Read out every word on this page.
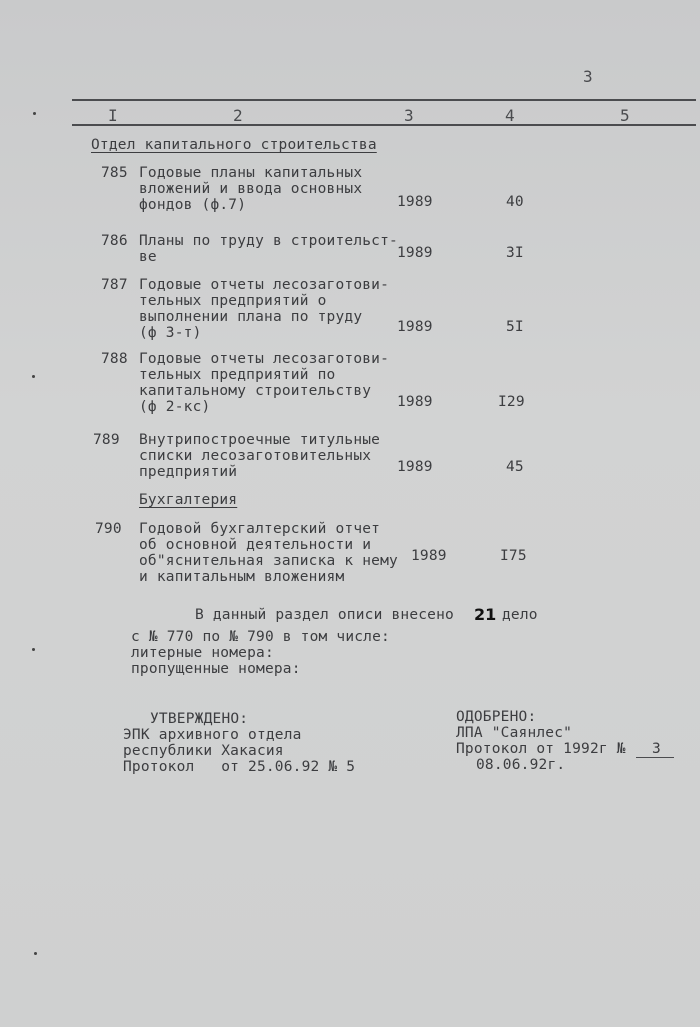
3
I	2	3	4	5
Отдел капитального строительства
785 Годовые планы капитальных
вложений и ввода основных
фондов (ф.7)	1989	40
786 Планы по труду в строительст-
ве	1989	3I
787 Годовые отчеты лесозаготови-
тельных предприятий о
выполнении плана по труду
(ф 3-т)	1989	5I
788 Годовые отчеты лесозаготови-
тельных предприятий по
капитальному строительству
(ф 2-кс)	1989	I29
789 Внутрипостроечные титульные
списки лесозаготовительных
предприятий	1989	45
Бухгалтерия
790 Годовой бухгалтерский отчет
об основной деятельности и
об"яснительная записка к нему
и капитальным вложениям
1989	I75
В данный раздел описи внесено 21 дело
с № 770 по № 790 в том числе:
литерные номера:
пропущенные номера:
УТВЕРЖДЕНО:
ЭПК архивного отдела
республики Хакасия
Протокол   от 25.06.92 № 5
ОДОБРЕНО:
ЛПА "Саянлес"
Протокол от 1992г № 3
08.06.92г.
